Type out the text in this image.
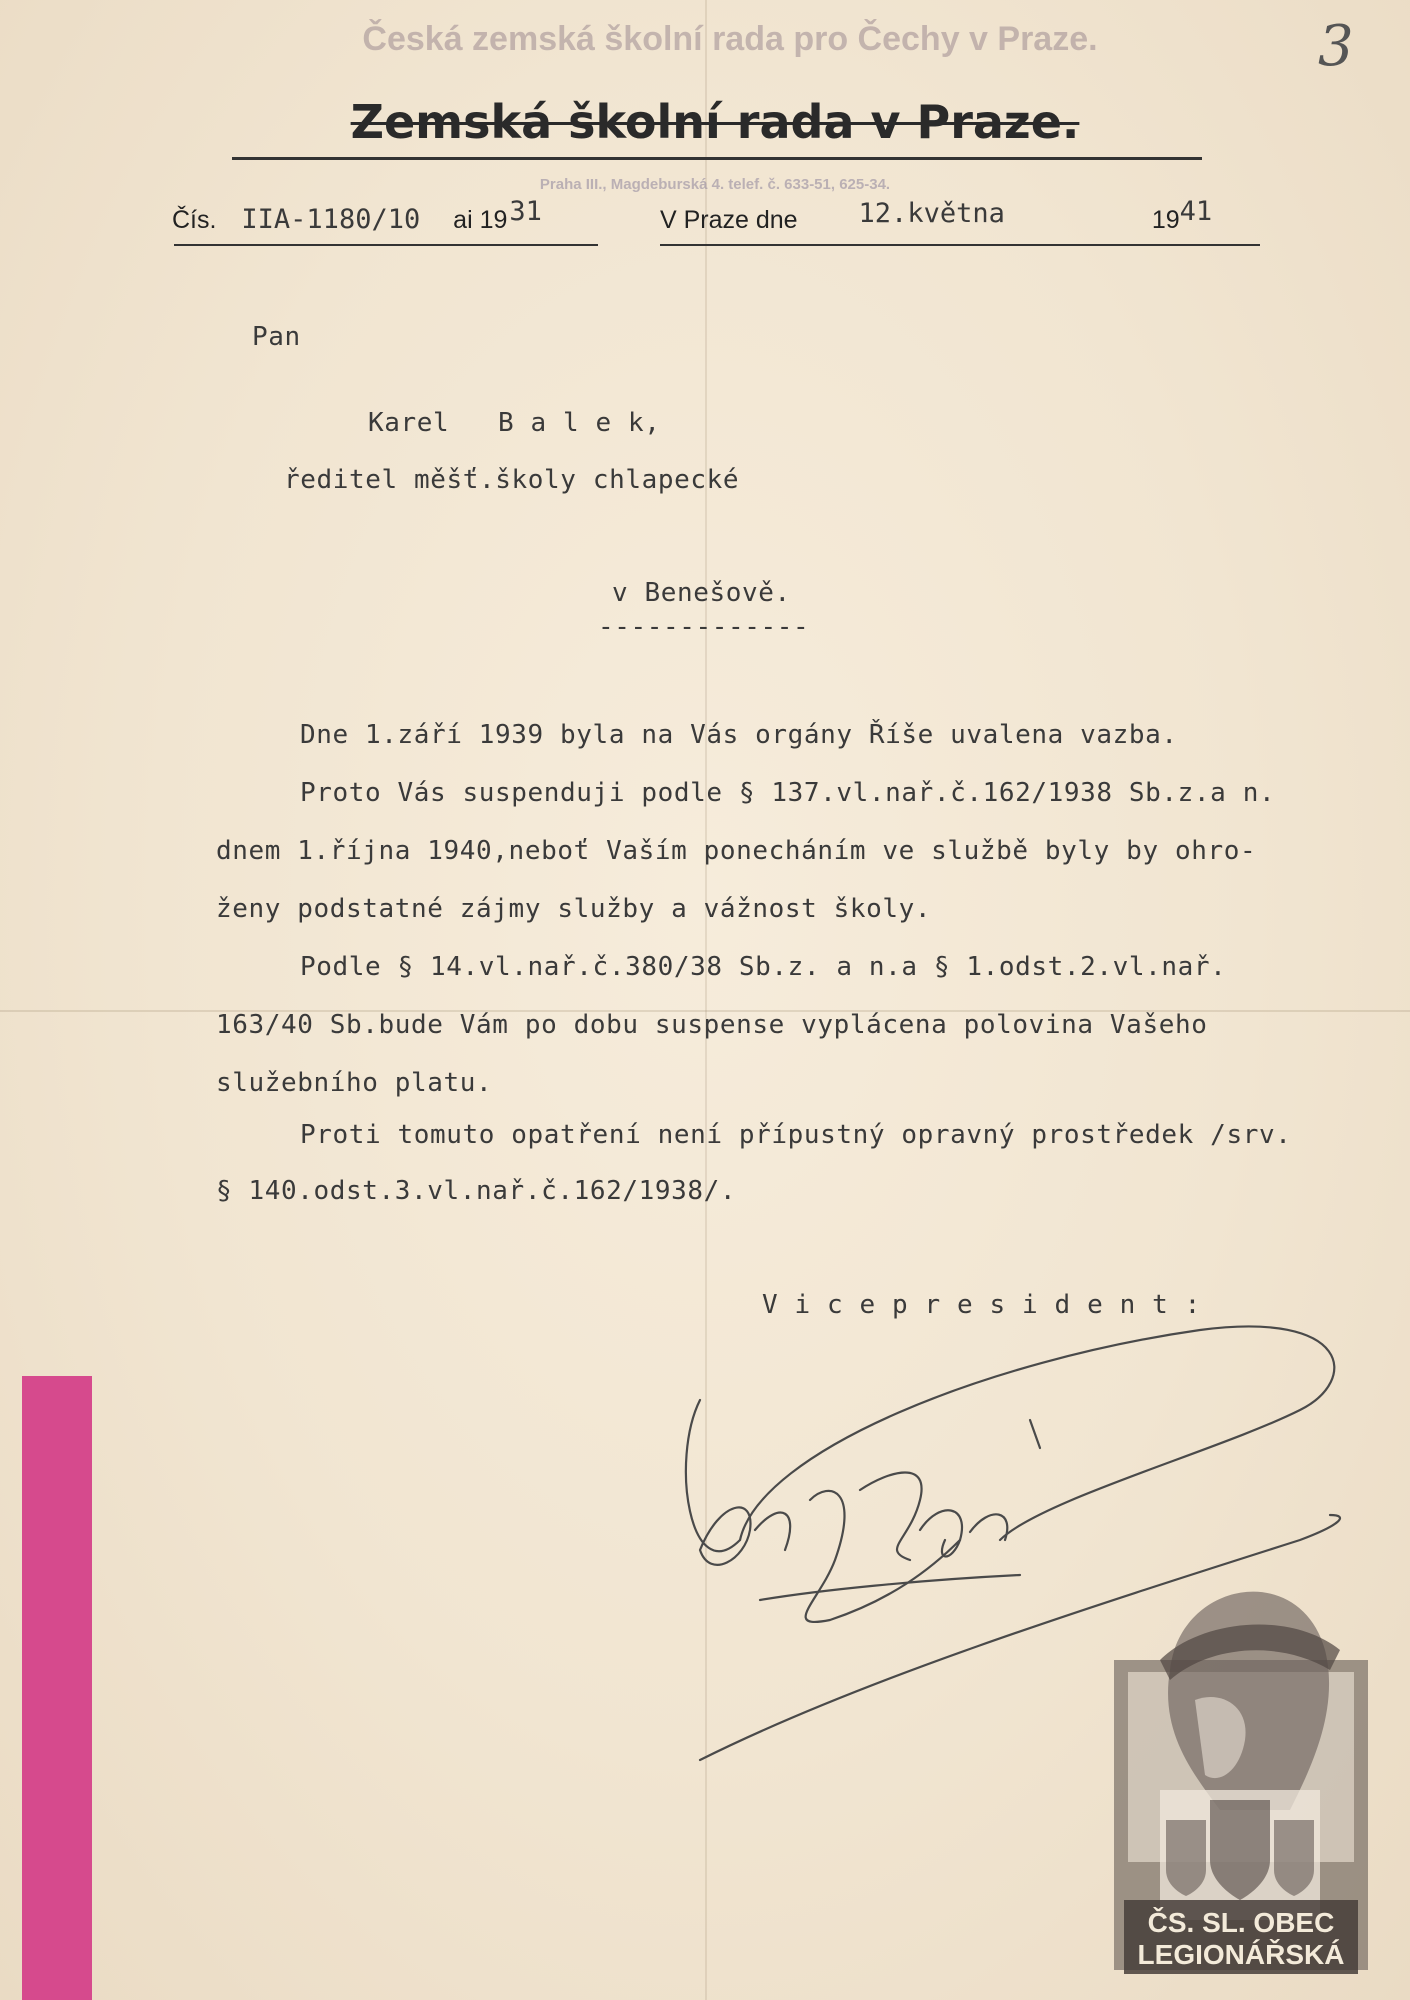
Česká zemská školní rada pro Čechy v Praze.	3
Zemská školní rada v Praze.
Praha III., Magdeburská 4. telef. č. 633-51, 625-34.
Čís. IIA-1180/10 ai 1931	V Praze dne 12.května	1941
Pan
Karel   B a l e k,
ředitel měšť.školy chlapecké
v Benešově.
-------------
Dne 1.září 1939 byla na Vás orgány Říše uvalena vazba.
Proto Vás suspenduji podle § 137.vl.nař.č.162/1938 Sb.z.a n.
dnem 1.října 1940,neboť Vaším ponecháním ve službě byly by ohro-
ženy podstatné zájmy služby a vážnost školy.
Podle § 14.vl.nař.č.380/38 Sb.z. a n.a § 1.odst.2.vl.nař.
163/40 Sb.bude Vám po dobu suspense vyplácena polovina Vašeho
služebního platu.
Proti tomuto opatření není přípustný opravný prostředek /srv.
§ 140.odst.3.vl.nař.č.162/1938/.
V i c e p r e s i d e n t :
ČS. SL. OBEC
LEGIONÁŘSKÁ
